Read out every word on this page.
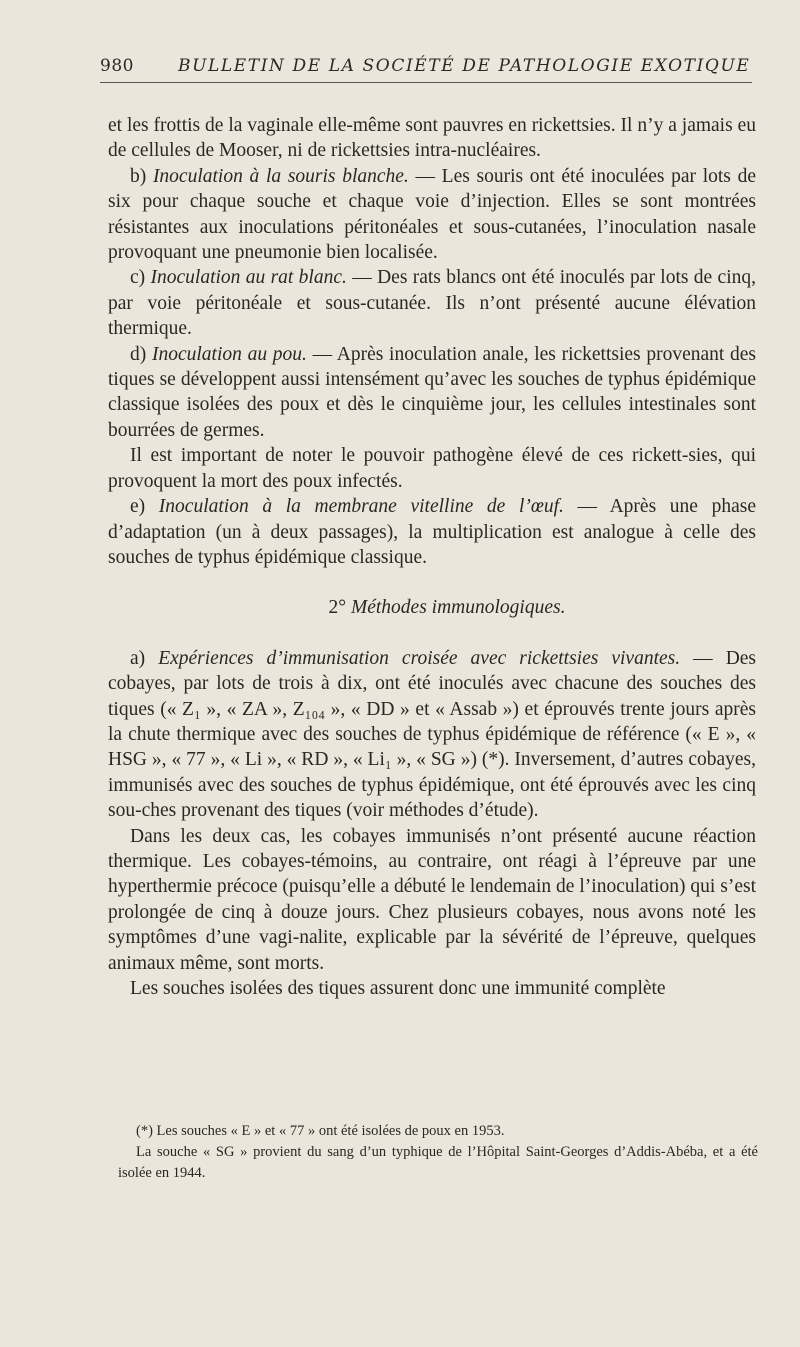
980	BULLETIN DE LA SOCIÉTÉ DE PATHOLOGIE EXOTIQUE

et les frottis de la vaginale elle-même sont pauvres en rickettsies. Il n’y a jamais eu de cellules de Mooser, ni de rickettsies intra-nucléaires.

b) Inoculation à la souris blanche. — Les souris ont été inoculées par lots de six pour chaque souche et chaque voie d’injection. Elles se sont montrées résistantes aux inoculations péritonéales et sous-cutanées, l’inoculation nasale provoquant une pneumonie bien localisée.

c) Inoculation au rat blanc. — Des rats blancs ont été inoculés par lots de cinq, par voie péritonéale et sous-cutanée. Ils n’ont présenté aucune élévation thermique.

d) Inoculation au pou. — Après inoculation anale, les rickettsies provenant des tiques se développent aussi intensément qu’avec les souches de typhus épidémique classique isolées des poux et dès le cinquième jour, les cellules intestinales sont bourrées de germes.

Il est important de noter le pouvoir pathogène élevé de ces rickett-sies, qui provoquent la mort des poux infectés.

e) Inoculation à la membrane vitelline de l’œuf. — Après une phase d’adaptation (un à deux passages), la multiplication est analogue à celle des souches de typhus épidémique classique.

2° Méthodes immunologiques.

a) Expériences d’immunisation croisée avec rickettsies vivantes. — Des cobayes, par lots de trois à dix, ont été inoculés avec chacune des souches des tiques (« Z₁ », « ZA », Z₁₀₄ », « DD » et « Assab ») et éprouvés trente jours après la chute thermique avec des souches de typhus épidémique de référence (« E », « HSG », « 77 », « Li », « RD », « Li₁ », « SG ») (*). Inversement, d’autres cobayes, immunisés avec des souches de typhus épidémique, ont été éprouvés avec les cinq sou-ches provenant des tiques (voir méthodes d’étude).

Dans les deux cas, les cobayes immunisés n’ont présenté aucune réaction thermique. Les cobayes-témoins, au contraire, ont réagi à l’épreuve par une hyperthermie précoce (puisqu’elle a débuté le lendemain de l’inoculation) qui s’est prolongée de cinq à douze jours. Chez plusieurs cobayes, nous avons noté les symptômes d’une vagi-nalite, explicable par la sévérité de l’épreuve, quelques animaux même, sont morts.

Les souches isolées des tiques assurent donc une immunité complète

(*) Les souches « E » et « 77 » ont été isolées de poux en 1953.

La souche « SG » provient du sang d’un typhique de l’Hôpital Saint-Georges d’Addis-Abéba, et a été isolée en 1944.
